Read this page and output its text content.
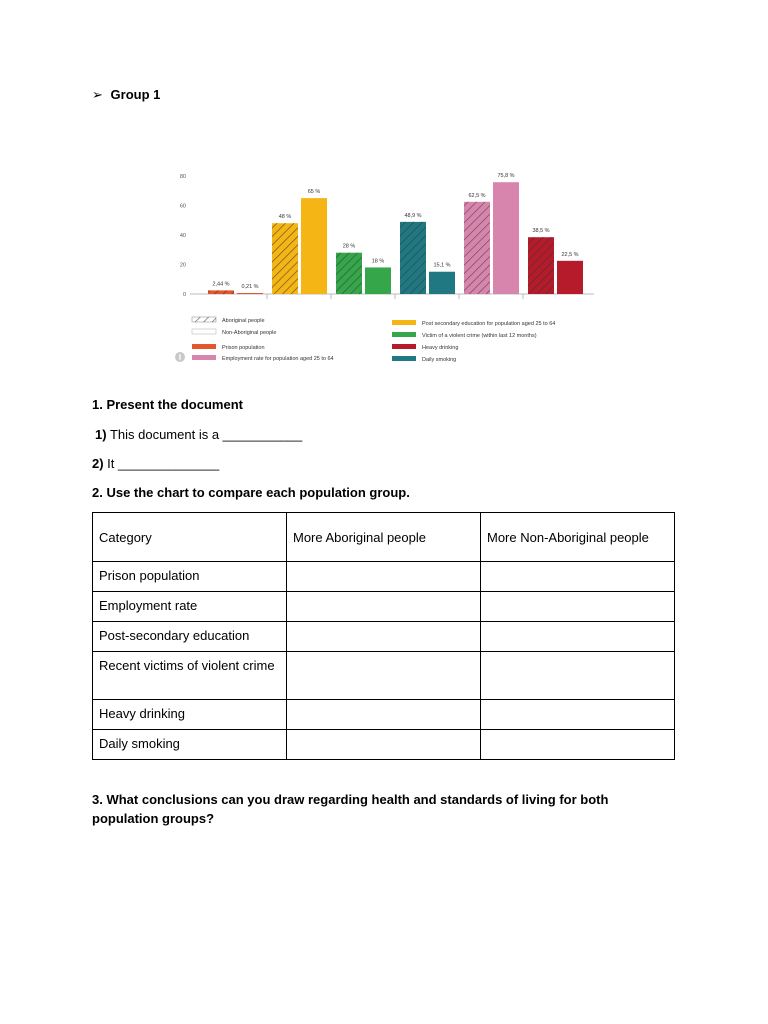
➢ Group 1
80
60
40
20
0
2,44 % 0,21 %
48 %
65 %
28 %
18 %
48,9 %
15,1 %
62,5 %
75,8 %
38,5 %
22,5 %
Aboriginal people
Non-Aboriginal people
Prison population
Employment rate for population aged 25 to 64
Post secondary education for population aged 25 to 64
Victim of a violent crime (within last 12 months)
Heavy drinking
Daily smoking
i
1. Present the document
1) This document is a ___________
2) It ______________
2. Use the chart to compare each population group.
Category	More Aboriginal people	More Non-Aboriginal people
Prison population		
Employment rate		
Post-secondary education		
Recent victims of violent crime		
Heavy drinking		
Daily smoking		
3. What conclusions can you draw regarding health and standards of living for both population groups?
